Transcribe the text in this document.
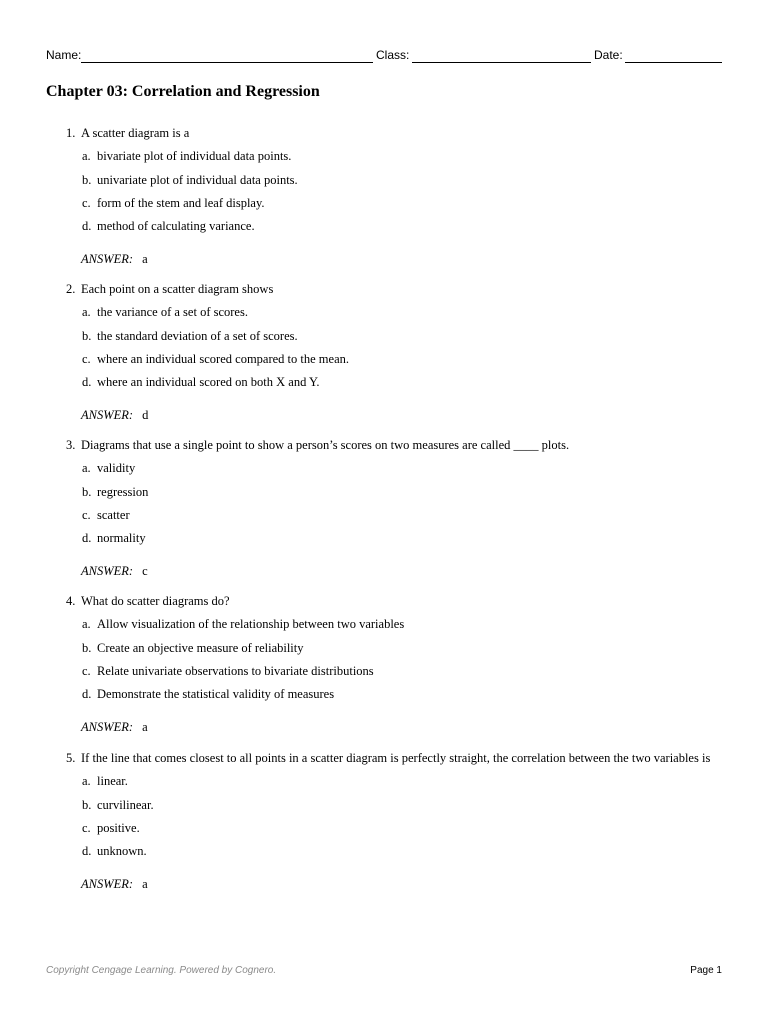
Name:	Class:	Date:
Chapter 03: Correlation and Regression
1. A scatter diagram is a
a. bivariate plot of individual data points.
b. univariate plot of individual data points.
c. form of the stem and leaf display.
d. method of calculating variance.
ANSWER: a
2. Each point on a scatter diagram shows
a. the variance of a set of scores.
b. the standard deviation of a set of scores.
c. where an individual scored compared to the mean.
d. where an individual scored on both X and Y.
ANSWER: d
3. Diagrams that use a single point to show a person’s scores on two measures are called ____ plots.
a. validity
b. regression
c. scatter
d. normality
ANSWER: c
4. What do scatter diagrams do?
a. Allow visualization of the relationship between two variables
b. Create an objective measure of reliability
c. Relate univariate observations to bivariate distributions
d. Demonstrate the statistical validity of measures
ANSWER: a
5. If the line that comes closest to all points in a scatter diagram is perfectly straight, the correlation between the two variables is
a. linear.
b. curvilinear.
c. positive.
d. unknown.
ANSWER: a
Copyright Cengage Learning. Powered by Cognero.	Page 1
